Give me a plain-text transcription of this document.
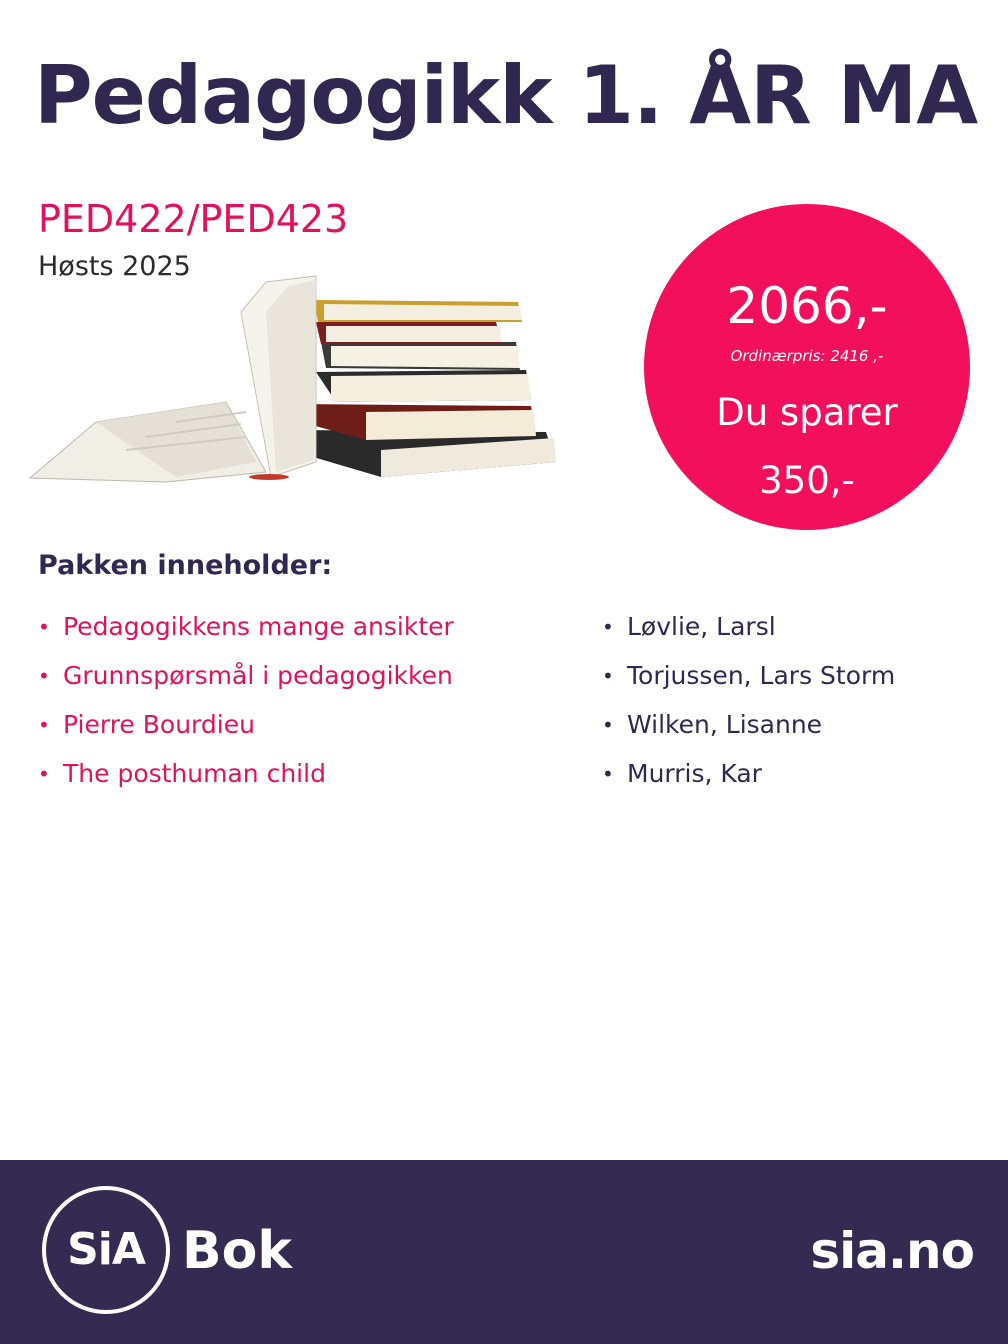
Pedagogikk 1. ÅR MA
PED422/PED423
Høsts 2025
2066,-
Ordinærpris: 2416 ,-
Du sparer
350,-
Pakken inneholder:
• Pedagogikkens mange ansikter
• Grunnspørsmål i pedagogikken
• Pierre Bourdieu
• The posthuman child
• Løvlie, Larsl
• Torjussen, Lars Storm
• Wilken, Lisanne
• Murris, Kar
SiA Bok	sia.no
